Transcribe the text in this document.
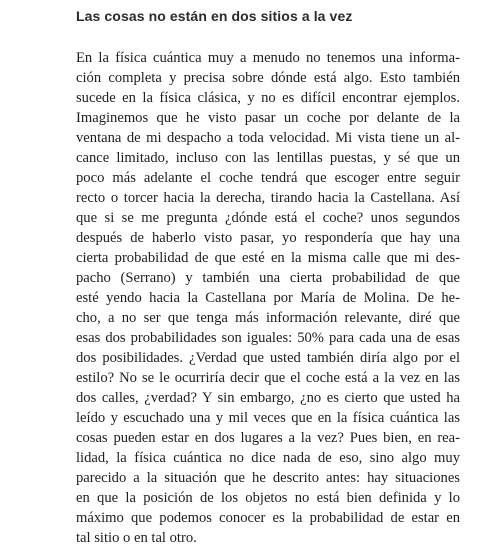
Las cosas no están en dos sitios a la vez
En la física cuántica muy a menudo no tenemos una informa-
ción completa y precisa sobre dónde está algo. Esto también
sucede en la física clásica, y no es difícil encontrar ejemplos.
Imaginemos que he visto pasar un coche por delante de la
ventana de mi despacho a toda velocidad. Mi vista tiene un al-
cance limitado, incluso con las lentillas puestas, y sé que un
poco más adelante el coche tendrá que escoger entre seguir
recto o torcer hacia la derecha, tirando hacia la Castellana. Así
que si se me pregunta ¿dónde está el coche? unos segundos
después de haberlo visto pasar, yo respondería que hay una
cierta probabilidad de que esté en la misma calle que mi des-
pacho (Serrano) y también una cierta probabilidad de que
esté yendo hacia la Castellana por María de Molina. De he-
cho, a no ser que tenga más información relevante, diré que
esas dos probabilidades son iguales: 50% para cada una de esas
dos posibilidades. ¿Verdad que usted también diría algo por el
estilo? No se le ocurriría decir que el coche está a la vez en las
dos calles, ¿verdad? Y sin embargo, ¿no es cierto que usted ha
leído y escuchado una y mil veces que en la física cuántica las
cosas pueden estar en dos lugares a la vez? Pues bien, en rea-
lidad, la física cuántica no dice nada de eso, sino algo muy
parecido a la situación que he descrito antes: hay situaciones
en que la posición de los objetos no está bien definida y lo
máximo que podemos conocer es la probabilidad de estar en
tal sitio o en tal otro.
